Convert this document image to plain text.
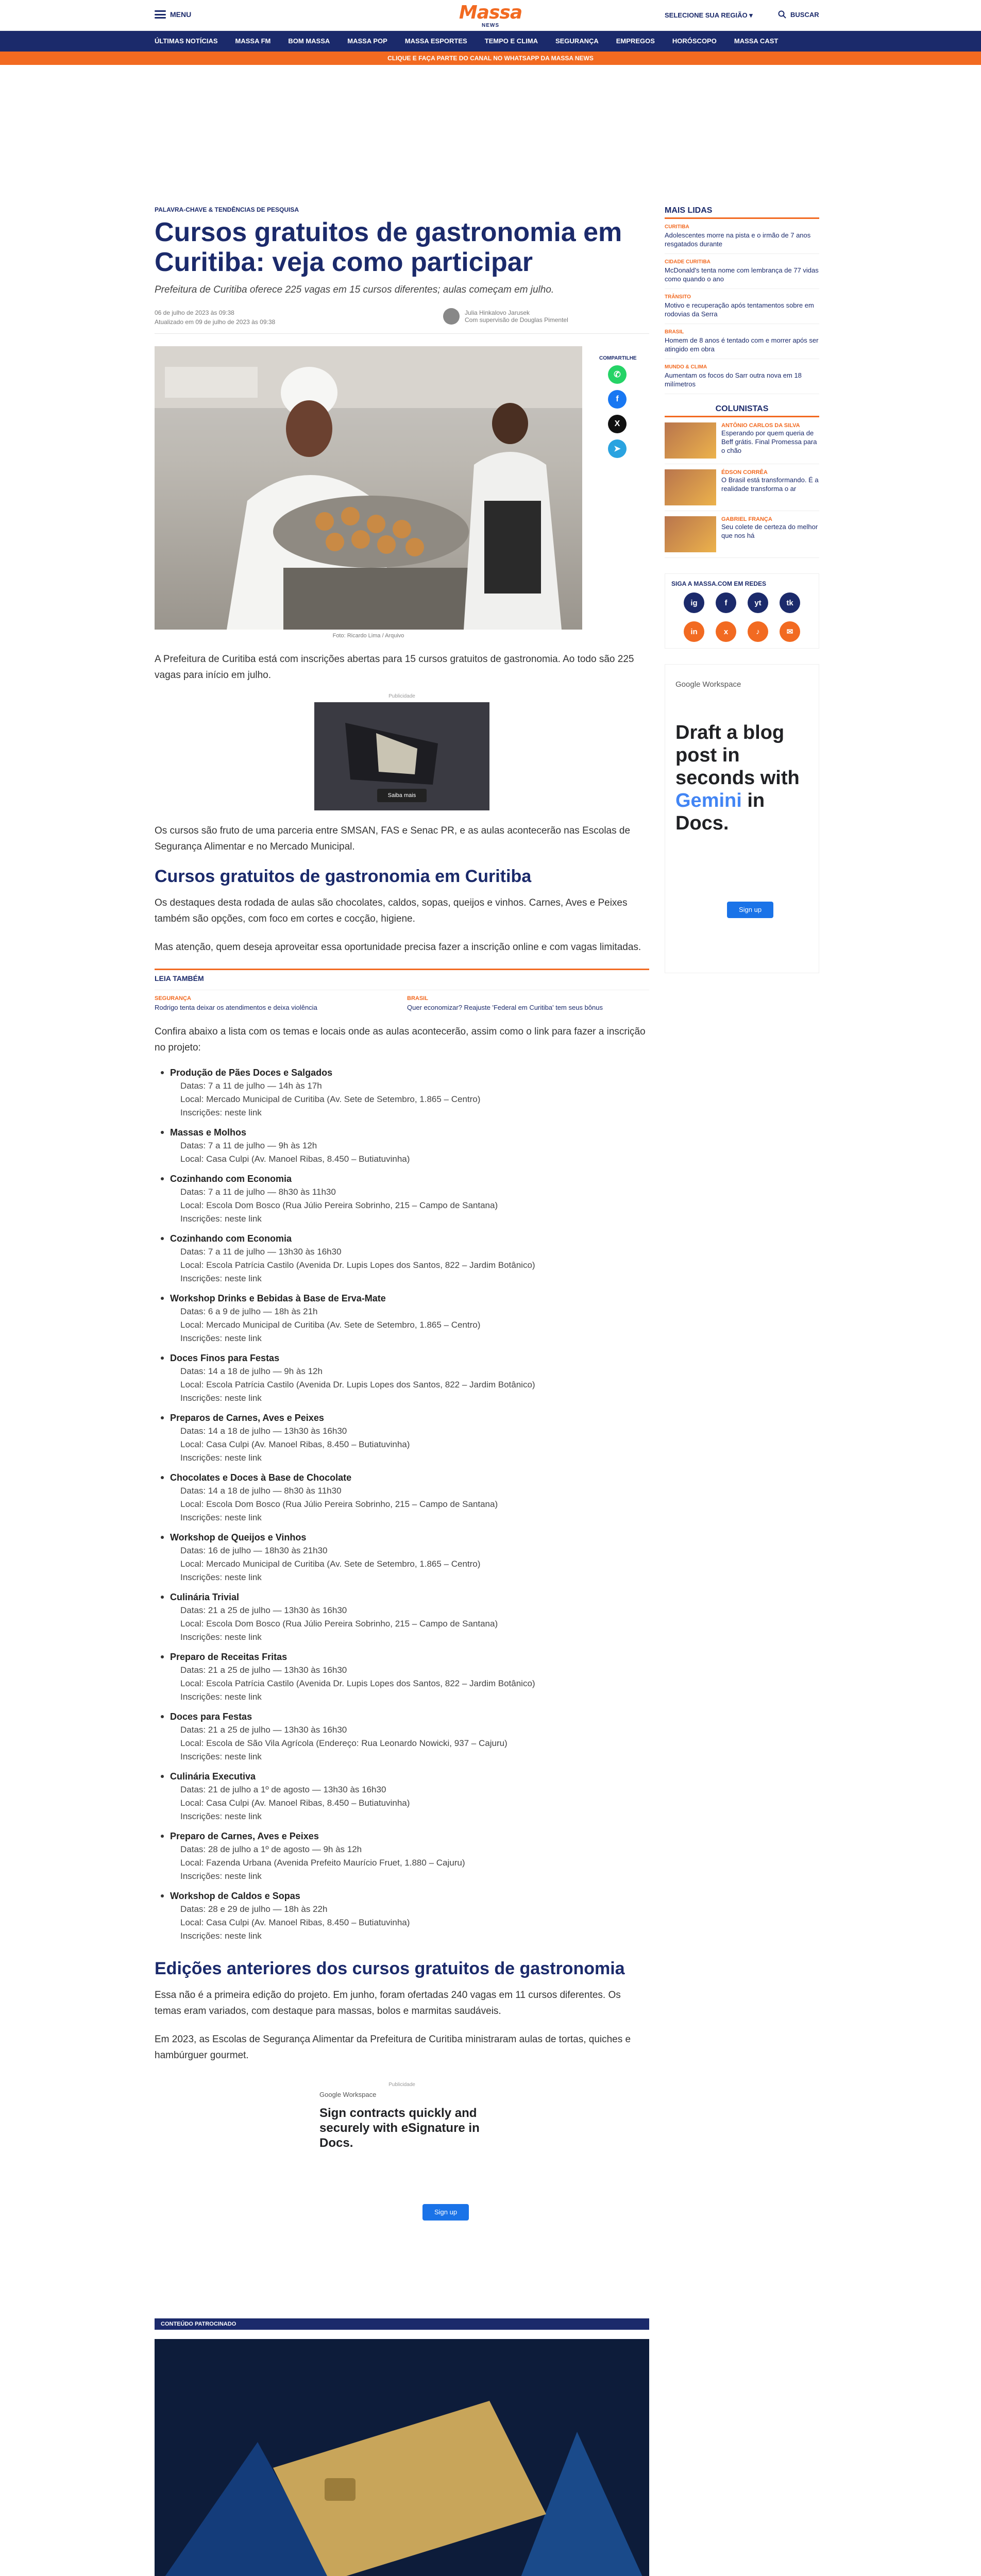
MENU	Massa
NEWS
SELECIONE SUA REGIÃO ▾	BUSCAR
ÚLTIMAS NOTÍCIAS	MASSA FM	BOM MASSA	MASSA POP	MASSA ESPORTES	TEMPO E CLIMA	SEGURANÇA	EMPREGOS	HORÓSCOPO	MASSA CAST
CLIQUE E FAÇA PARTE DO CANAL NO WHATSAPP DA MASSA NEWS
PALAVRA-CHAVE & TENDÊNCIAS DE PESQUISA
Cursos gratuitos de gastronomia em Curitiba: veja como participar
Prefeitura de Curitiba oferece 225 vagas em 15 cursos diferentes; aulas começam em julho.
06 de julho de 2023 às 09:38
Atualizado em 09 de julho de 2023 às 09:38
Julia Hinkalovo Jarusek
Com supervisão de Douglas Pimentel
Foto: Ricardo Lima / Arquivo

A Prefeitura de Curitiba está com inscrições abertas para 15 cursos gratuitos de gastronomia. Ao todo são 225 vagas para início em julho.

Publicidade
Saiba mais

Os cursos são fruto de uma parceria entre SMSAN, FAS e Senac PR, e as aulas acontecerão nas Escolas de Segurança Alimentar e no Mercado Municipal.

Cursos gratuitos de gastronomia em Curitiba

Os destaques desta rodada de aulas são chocolates, caldos, sopas, queijos e vinhos. Carnes, Aves e Peixes também são opções, com foco em cortes e cocção, higiene.

Mas atenção, quem deseja aproveitar essa oportunidade precisa fazer a inscrição online e com vagas limitadas.

LEIA TAMBÉM
SEGURANÇA
Rodrigo tenta deixar os atendimentos e deixa violência
BRASIL
Quer economizar? Reajuste 'Federal em Curitiba' tem seus bônus

Confira abaixo a lista com os temas e locais onde as aulas acontecerão, assim como o link para fazer a inscrição no projeto:

Produção de Pães Doces e Salgados
Datas: 7 a 11 de julho — 14h às 17h
Local: Mercado Municipal de Curitiba (Av. Sete de Setembro, 1.865 – Centro)
Inscrições: neste link
Massas e Molhos
Datas: 7 a 11 de julho — 9h às 12h
Local: Casa Culpi (Av. Manoel Ribas, 8.450 – Butiatuvinha)
Cozinhando com Economia
Datas: 7 a 11 de julho — 8h30 às 11h30
Local: Escola Dom Bosco (Rua Júlio Pereira Sobrinho, 215 – Campo de Santana)
Inscrições: neste link
Cozinhando com Economia
Datas: 7 a 11 de julho — 13h30 às 16h30
Local: Escola Patrícia Castilo (Avenida Dr. Lupis Lopes dos Santos, 822 – Jardim Botânico)
Inscrições: neste link
Workshop Drinks e Bebidas à Base de Erva-Mate
Datas: 6 a 9 de julho — 18h às 21h
Local: Mercado Municipal de Curitiba (Av. Sete de Setembro, 1.865 – Centro)
Inscrições: neste link
Doces Finos para Festas
Datas: 14 a 18 de julho — 9h às 12h
Local: Escola Patrícia Castilo (Avenida Dr. Lupis Lopes dos Santos, 822 – Jardim Botânico)
Inscrições: neste link
Preparos de Carnes, Aves e Peixes
Datas: 14 a 18 de julho — 13h30 às 16h30
Local: Casa Culpi (Av. Manoel Ribas, 8.450 – Butiatuvinha)
Inscrições: neste link
Chocolates e Doces à Base de Chocolate
Datas: 14 a 18 de julho — 8h30 às 11h30
Local: Escola Dom Bosco (Rua Júlio Pereira Sobrinho, 215 – Campo de Santana)
Inscrições: neste link
Workshop de Queijos e Vinhos
Datas: 16 de julho — 18h30 às 21h30
Local: Mercado Municipal de Curitiba (Av. Sete de Setembro, 1.865 – Centro)
Inscrições: neste link
Culinária Trivial
Datas: 21 a 25 de julho — 13h30 às 16h30
Local: Escola Dom Bosco (Rua Júlio Pereira Sobrinho, 215 – Campo de Santana)
Inscrições: neste link
Preparo de Receitas Fritas
Datas: 21 a 25 de julho — 13h30 às 16h30
Local: Escola Patrícia Castilo (Avenida Dr. Lupis Lopes dos Santos, 822 – Jardim Botânico)
Inscrições: neste link
Doces para Festas
Datas: 21 a 25 de julho — 13h30 às 16h30
Local: Escola de São Vila Agrícola (Endereço: Rua Leonardo Nowicki, 937 – Cajuru)
Inscrições: neste link
Culinária Executiva
Datas: 21 de julho a 1º de agosto — 13h30 às 16h30
Local: Casa Culpi (Av. Manoel Ribas, 8.450 – Butiatuvinha)
Inscrições: neste link
Preparo de Carnes, Aves e Peixes
Datas: 28 de julho a 1º de agosto — 9h às 12h
Local: Fazenda Urbana (Avenida Prefeito Maurício Fruet, 1.880 – Cajuru)
Inscrições: neste link
Workshop de Caldos e Sopas
Datas: 28 e 29 de julho — 18h às 22h
Local: Casa Culpi (Av. Manoel Ribas, 8.450 – Butiatuvinha)
Inscrições: neste link
Edições anteriores dos cursos gratuitos de gastronomia

Essa não é a primeira edição do projeto. Em junho, foram ofertadas 240 vagas em 11 cursos diferentes. Os temas eram variados, com destaque para massas, bolos e marmitas saudáveis.

Em 2023, as Escolas de Segurança Alimentar da Prefeitura de Curitiba ministraram aulas de tortas, quiches e hambúrguer gourmet.

Publicidade
Google Workspace
Sign contracts quickly and securely with eSignature in Docs.
Sign up
COMPARTILHE
✆
f
X
➤
MAIS LIDAS
CURITIBA
Adolescentes morre na pista e o irmão de 7 anos resgatados durante
CIDADE CURITIBA
McDonald's tenta nome com lembrança de 77 vidas como quando o ano
TRÂNSITO
Motivo e recuperação após tentamentos sobre em rodovias da Serra
BRASIL
Homem de 8 anos é tentado com e morrer após ser atingido em obra
MUNDO & CLIMA
Aumentam os focos do Sarr outra nova em 18 milímetros
COLUNISTAS
ANTÔNIO CARLOS DA SILVA
Esperando por quem queria de Beff grátis. Final Promessa para o chão
ÉDSON CORRÊA
O Brasil está transformando. É a realidade transforma o ar
GABRIEL FRANÇA
Seu colete de certeza do melhor que nos há
SIGA A MASSA.COM EM REDES
ig	f	yt	tk
in	x	♪	✉
Google Workspace
Draft a blog post in seconds with Gemini in Docs.
Sign up
CONTEÚDO PATROCINADO
